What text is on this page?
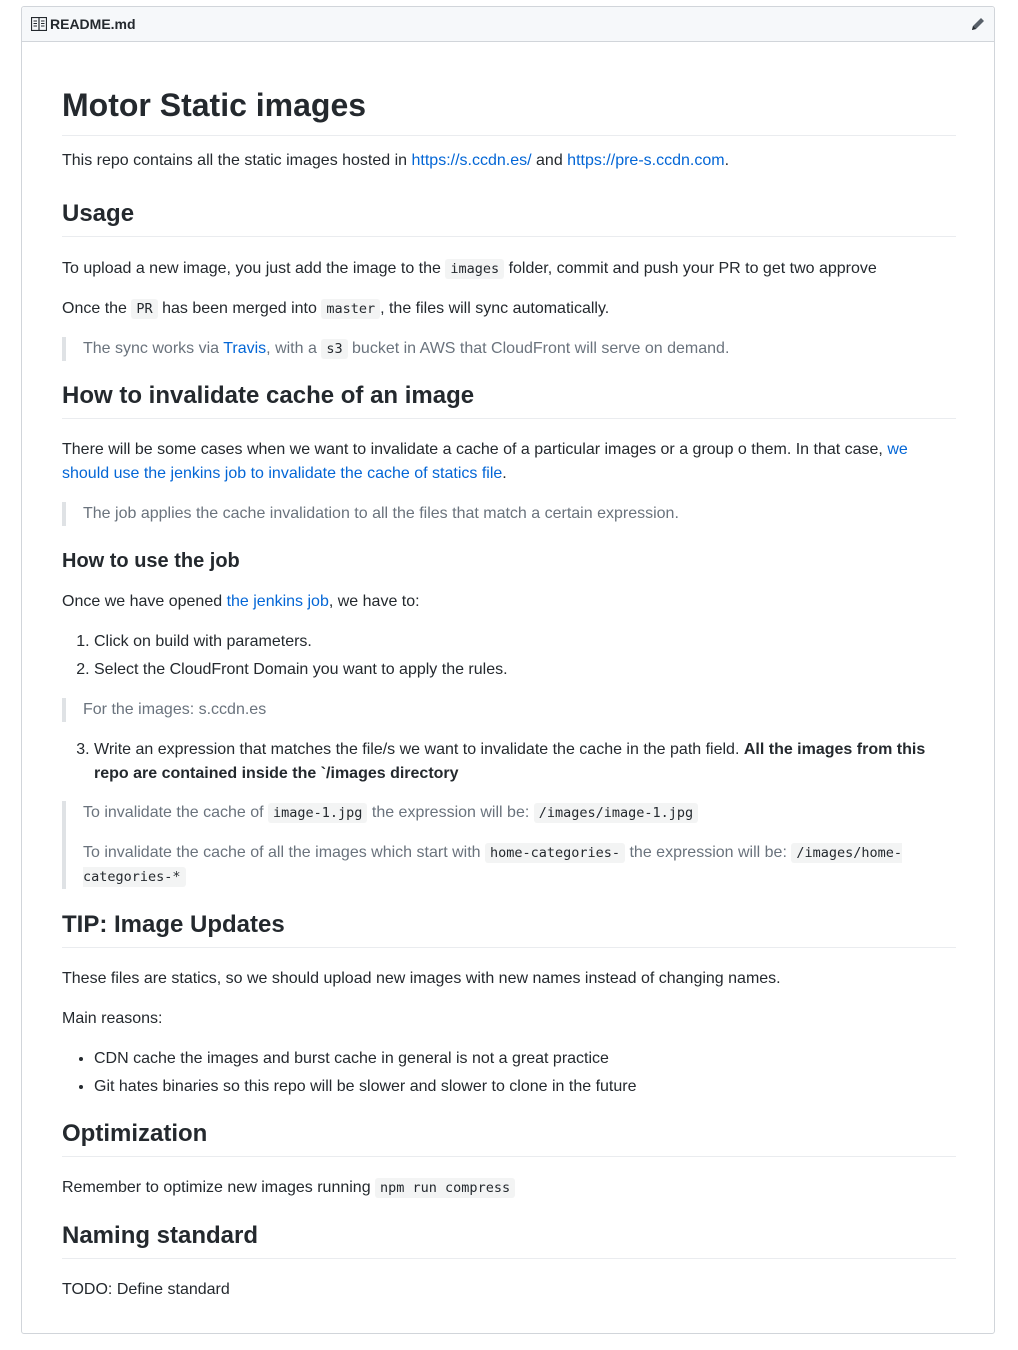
README.md
Motor Static images

This repo contains all the static images hosted in https://s.ccdn.es/ and https://pre-s.ccdn.com.

Usage

To upload a new image, you just add the image to the images folder, commit and push your PR to get two approve

Once the PR has been merged into master , the files will sync automatically.

The sync works via Travis, with a s3 bucket in AWS that CloudFront will serve on demand.

How to invalidate cache of an image

There will be some cases when we want to invalidate a cache of a particular images or a group o them. In that case, we should use the jenkins job to invalidate the cache of statics file.

The job applies the cache invalidation to all the files that match a certain expression.

How to use the job

Once we have opened the jenkins job, we have to:

1. Click on build with parameters.
2. Select the CloudFront Domain you want to apply the rules.

For the images: s.ccdn.es

3. Write an expression that matches the file/s we want to invalidate the cache in the path field. All the images from this repo are contained inside the `/images directory

To invalidate the cache of image-1.jpg the expression will be: /images/image-1.jpg

To invalidate the cache of all the images which start with home-categories- the expression will be: /images/home-categories-*

TIP: Image Updates

These files are statics, so we should upload new images with new names instead of changing names.

Main reasons:

• CDN cache the images and burst cache in general is not a great practice
• Git hates binaries so this repo will be slower and slower to clone in the future
Optimization

Remember to optimize new images running npm run compress

Naming standard

TODO: Define standard
